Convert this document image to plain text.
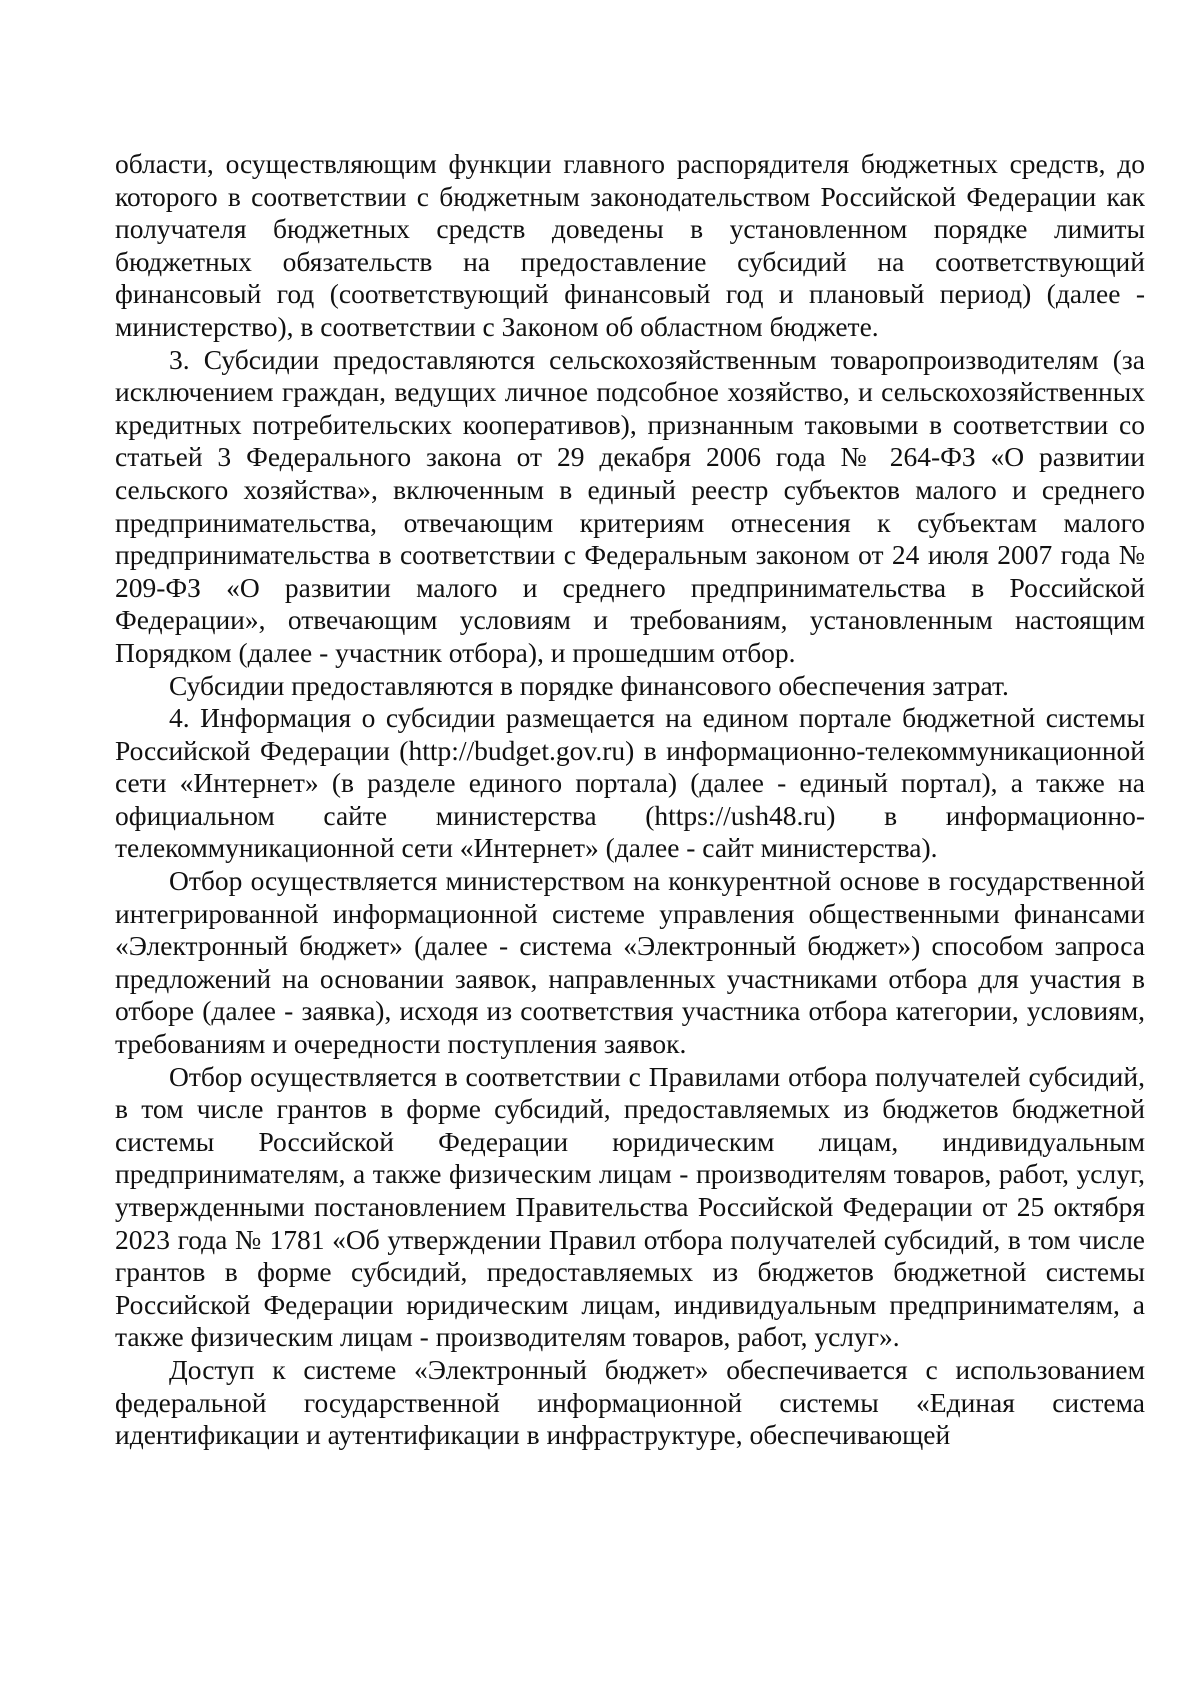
области, осуществляющим функции главного распорядителя бюджетных средств, до которого в соответствии с бюджетным законодательством Российской Федерации как получателя бюджетных средств доведены в установленном порядке лимиты бюджетных обязательств на предоставление субсидий на соответствующий финансовый год (соответствующий финансовый год и плановый период) (далее - министерство), в соответствии с Законом об областном бюджете.

3. Субсидии предоставляются сельскохозяйственным товаропроизводителям (за исключением граждан, ведущих личное подсобное хозяйство, и сельскохозяйственных кредитных потребительских кооперативов), признанным таковыми в соответствии со статьей 3 Федерального закона от 29 декабря 2006 года № 264-ФЗ «О развитии сельского хозяйства», включенным в единый реестр субъектов малого и среднего предпринимательства, отвечающим критериям отнесения к субъектам малого предпринимательства в соответствии с Федеральным законом от 24 июля 2007 года № 209-ФЗ «О развитии малого и среднего предпринимательства в Российской Федерации», отвечающим условиям и требованиям, установленным настоящим Порядком (далее - участник отбора), и прошедшим отбор.

Субсидии предоставляются в порядке финансового обеспечения затрат.

4. Информация о субсидии размещается на едином портале бюджетной системы Российской Федерации (http://budget.gov.ru) в информационно-телекоммуникационной сети «Интернет» (в разделе единого портала) (далее - единый портал), а также на официальном сайте министерства (https://ush48.ru) в информационно-телекоммуникационной сети «Интернет» (далее - сайт министерства).

Отбор осуществляется министерством на конкурентной основе в государственной интегрированной информационной системе управления общественными финансами «Электронный бюджет» (далее - система «Электронный бюджет») способом запроса предложений на основании заявок, направленных участниками отбора для участия в отборе (далее - заявка), исходя из соответствия участника отбора категории, условиям, требованиям и очередности поступления заявок.

Отбор осуществляется в соответствии с Правилами отбора получателей субсидий, в том числе грантов в форме субсидий, предоставляемых из бюджетов бюджетной системы Российской Федерации юридическим лицам, индивидуальным предпринимателям, а также физическим лицам - производителям товаров, работ, услуг, утвержденными постановлением Правительства Российской Федерации от 25 октября 2023 года № 1781 «Об утверждении Правил отбора получателей субсидий, в том числе грантов в форме субсидий, предоставляемых из бюджетов бюджетной системы Российской Федерации юридическим лицам, индивидуальным предпринимателям, а также физическим лицам - производителям товаров, работ, услуг».

Доступ к системе «Электронный бюджет» обеспечивается с использованием федеральной государственной информационной системы «Единая система идентификации и аутентификации в инфраструктуре, обеспечивающей
